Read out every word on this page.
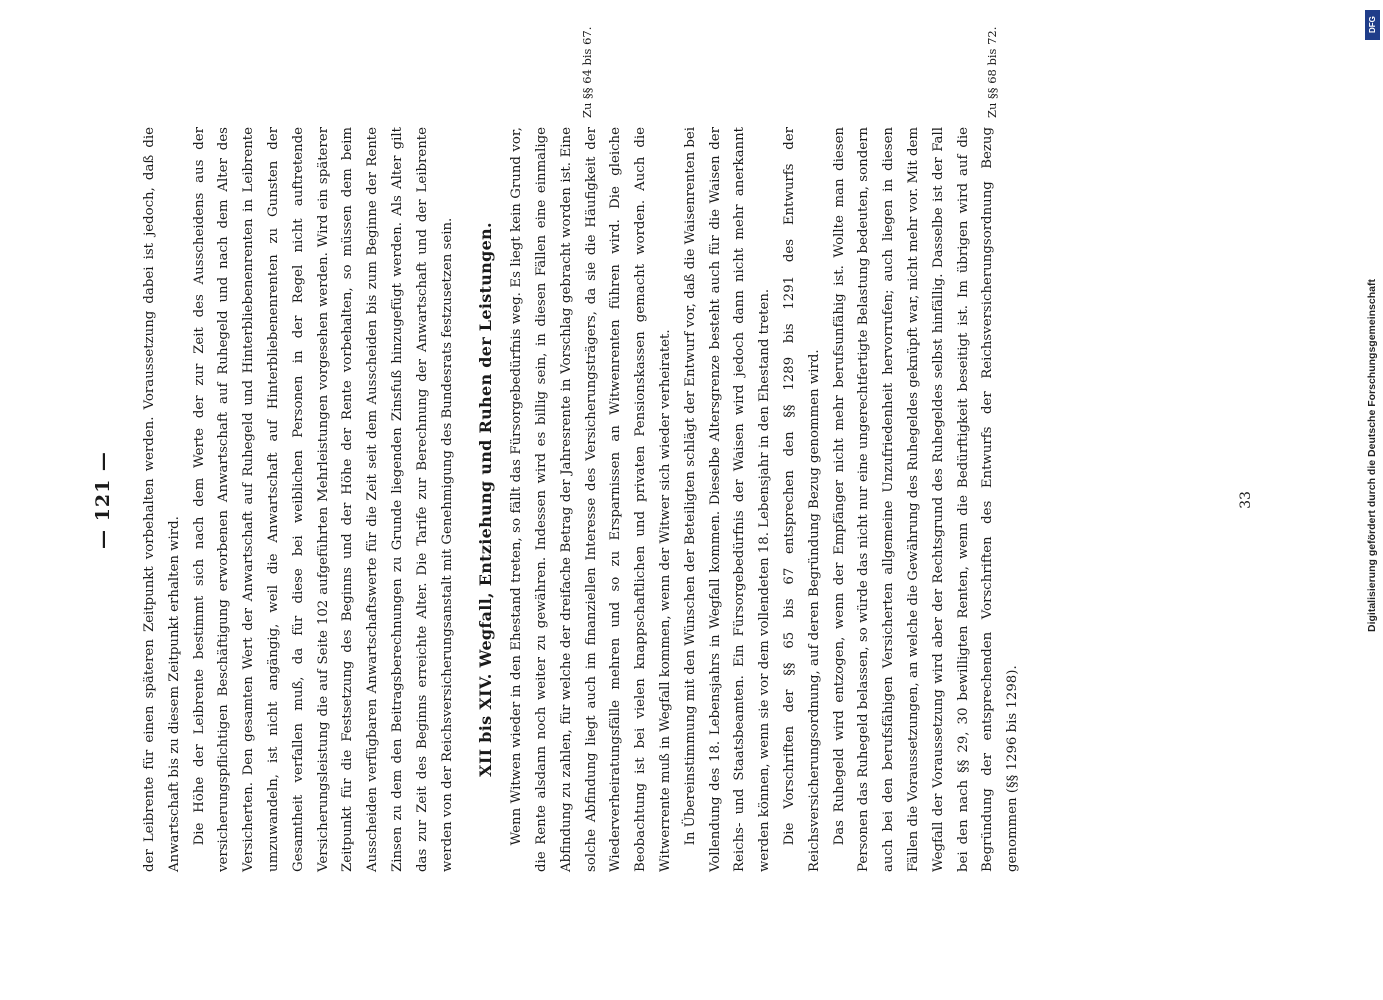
— 121 —	der Leibrente für einen späteren Zeitpunkt vorbehalten werden. Voraussetzung dabei ist jedoch, daß die Anwartschaft bis zu diesem Zeitpunkt erhalten wird. Die Höhe der Leibrente bestimmt sich nach dem Werte der zur Zeit des Ausscheidens aus der versicherungspflichtigen Beschäftigung erworbenen Anwartschaft auf Ruhegeld und nach dem Alter des Versicherten. Den gesamten Wert der Anwartschaft auf Ruhegeld und Hinterbliebenenrenten in Leibrente umzuwandeln, ist nicht angängig, weil die Anwartschaft auf Hinterbliebenenrenten zu Gunsten der Gesamtheit verfallen muß, da für diese bei weiblichen Personen in der Regel nicht auftretende Versicherungsleistung die auf Seite 102 aufgeführten Mehrleistungen vorgesehen werden. Wird ein späterer Zeitpunkt für die Festsetzung des Beginns und der Höhe der Rente vorbehalten, so müssen dem beim Ausscheiden verfügbaren Anwartschaftswerte für die Zeit seit dem Ausscheiden bis zum Beginne der Rente Zinsen zu dem den Beitragsberechnungen zu Grunde liegenden Zinsfuß hinzugefügt werden. Als Alter gilt das zur Zeit des Beginns erreichte Alter. Die Tarife zur Berechnung der Anwartschaft und der Leibrente werden von der Reichsversicherungsanstalt mit Genehmigung des Bundesrats festzusetzen sein.	XII bis XIV. Wegfall, Entziehung und Ruhen der Leistungen.	Wenn Witwen wieder in den Ehestand treten, so fällt das Fürsorgebedürfnis weg. Es liegt kein Grund vor, die Rente alsdann noch weiter zu gewähren. Indessen wird es billig sein, in diesen Fällen eine einmalige Abfindung zu zahlen, für welche der dreifache Betrag der Jahresrente in Vorschlag gebracht worden ist. Eine solche Abfindung liegt auch im finanziellen Interesse des Versicherungsträgers, da sie die Häufigkeit der Wiederverheiratungsfälle mehren und so zu Ersparnissen an Witwenrenten führen wird. Die gleiche Beobachtung ist bei vielen knappschaftlichen und privaten Pensionskassen gemacht worden. Auch die Witwerrente muß in Wegfall kommen, wenn der Witwer sich wieder verheiratet. In Übereinstimmung mit den Wünschen der Beteiligten schlägt der Entwurf vor, daß die Waisenrenten bei Vollendung des 18. Lebensjahrs in Wegfall kommen. Dieselbe Altersgrenze besteht auch für die Waisen der Reichs- und Staatsbeamten. Ein Fürsorgebedürfnis der Waisen wird jedoch dann nicht mehr anerkannt werden können, wenn sie vor dem vollendeten 18. Lebensjahr in den Ehestand treten. Die Vorschriften der §§ 65 bis 67 entsprechen den §§ 1289 bis 1291 des Entwurfs der Reichsversicherungsordnung, auf deren Begründung Bezug genommen wird. Das Ruhegeld wird entzogen, wenn der Empfänger nicht mehr berufsunfähig ist. Wollte man diesen Personen das Ruhegeld belassen, so würde das nicht nur eine ungerechtfertigte Belastung bedeuten, sondern auch bei den berufsfähigen Versicherten allgemeine Unzufriedenheit hervorrufen; auch liegen in diesen Fällen die Voraussetzungen, an welche die Gewährung des Ruhegeldes geknüpft war, nicht mehr vor. Mit dem Wegfall der Voraussetzung wird aber der Rechtsgrund des Ruhegeldes selbst hinfällig. Dasselbe ist der Fall bei den nach §§ 29, 30 bewilligten Renten, wenn die Bedürftigkeit beseitigt ist. Im übrigen wird auf die Begründung der entsprechenden Vorschriften des Entwurfs der Reichsversicherungsordnung Bezug genommen (§§ 1296 bis 1298).

Zu §§ 64 bis 67.	Zu §§ 68 bis 72.
33
DFG
Digitalisierung gefördert durch die Deutsche Forschungsgemeinschaft
